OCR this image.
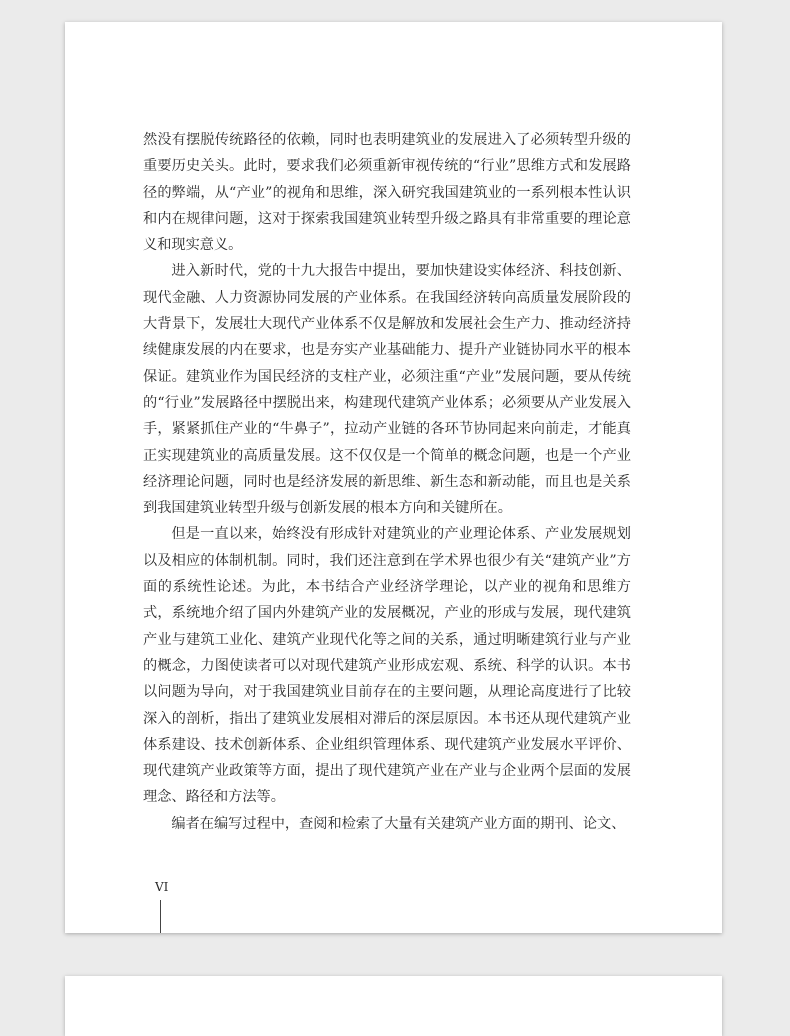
然没有摆脱传统路径的依赖，同时也表明建筑业的发展进入了必须转型升级的重要历史关头。此时，要求我们必须重新审视传统的“行业”思维方式和发展路径的弊端，从“产业”的视角和思维，深入研究我国建筑业的一系列根本性认识和内在规律问题，这对于探索我国建筑业转型升级之路具有非常重要的理论意义和现实意义。

进入新时代，党的十九大报告中提出，要加快建设实体经济、科技创新、现代金融、人力资源协同发展的产业体系。在我国经济转向高质量发展阶段的大背景下，发展壮大现代产业体系不仅是解放和发展社会生产力、推动经济持续健康发展的内在要求，也是夯实产业基础能力、提升产业链协同水平的根本保证。建筑业作为国民经济的支柱产业，必须注重“产业”发展问题，要从传统的“行业”发展路径中摆脱出来，构建现代建筑产业体系；必须要从产业发展入手，紧紧抓住产业的“牛鼻子”，拉动产业链的各环节协同起来向前走，才能真正实现建筑业的高质量发展。这不仅仅是一个简单的概念问题，也是一个产业经济理论问题，同时也是经济发展的新思维、新生态和新动能，而且也是关系到我国建筑业转型升级与创新发展的根本方向和关键所在。

但是一直以来，始终没有形成针对建筑业的产业理论体系、产业发展规划以及相应的体制机制。同时，我们还注意到在学术界也很少有关“建筑产业”方面的系统性论述。为此，本书结合产业经济学理论，以产业的视角和思维方式，系统地介绍了国内外建筑产业的发展概况，产业的形成与发展，现代建筑产业与建筑工业化、建筑产业现代化等之间的关系，通过明晰建筑行业与产业的概念，力图使读者可以对现代建筑产业形成宏观、系统、科学的认识。本书以问题为导向，对于我国建筑业目前存在的主要问题，从理论高度进行了比较深入的剖析，指出了建筑业发展相对滞后的深层原因。本书还从现代建筑产业体系建设、技术创新体系、企业组织管理体系、现代建筑产业发展水平评价、现代建筑产业政策等方面，提出了现代建筑产业在产业与企业两个层面的发展理念、路径和方法等。

编者在编写过程中，查阅和检索了大量有关建筑产业方面的期刊、论文、

VI
